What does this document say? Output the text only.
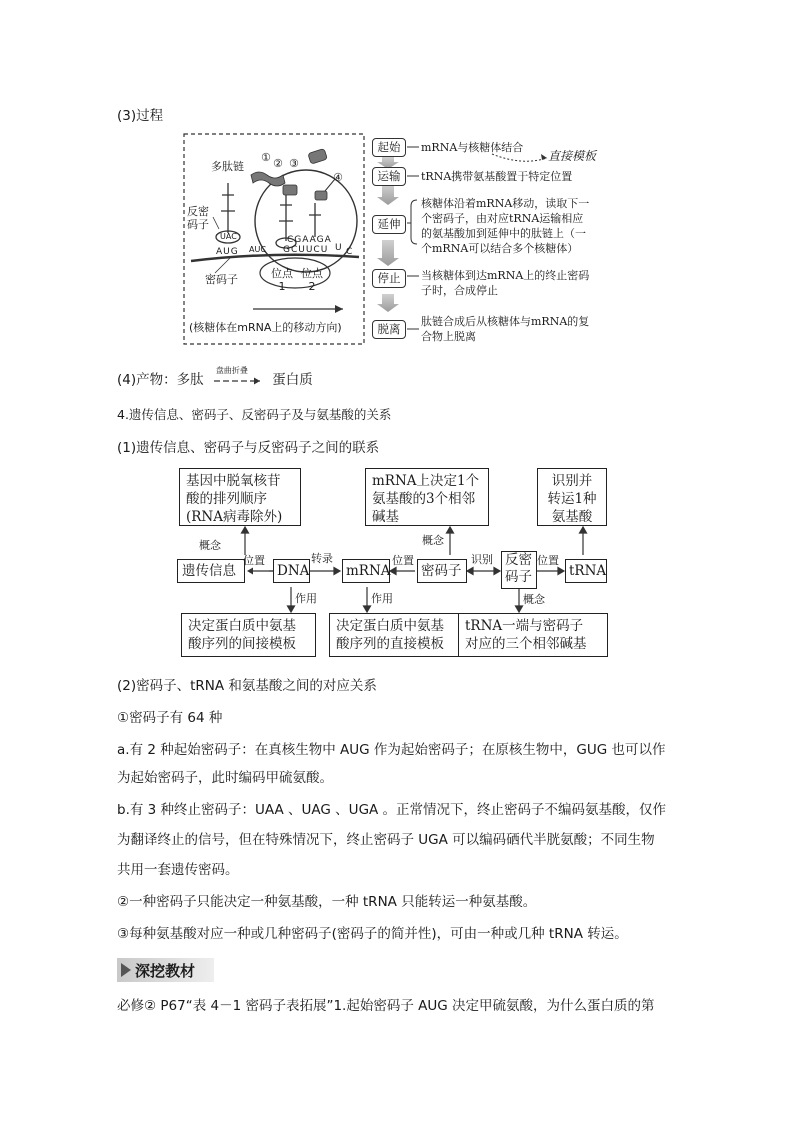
(3)过程
多肽链
① ② ③
④
反密
码子
UAC
AUC
CGAAGA
AUG	GCUUCU U C
密码子	位点
1
位点
2
(核糖体在mRNA上的移动方向)
起始	mRNA与核糖体结合
运输	tRNA携带氨基酸置于特定位置
延伸
核糖体沿着mRNA移动，读取下一
个密码子，由对应tRNA运输相应
的氨基酸加到延伸中的肽链上（一
个mRNA可以结合多个核糖体）
停止	当核糖体到达mRNA上的终止密码
子时，合成停止
脱离
肽链合成后从核糖体与mRNA的复
合物上脱离
直接模板
(4)产物：多肽
盘曲折叠
蛋白质
4.遗传信息、密码子、反密码子及与氨基酸的关系
(1)遗传信息、密码子与反密码子之间的联系
基因中脱氧核苷
酸的排列顺序
(RNA病毒除外)
mRNA上决定1个
氨基酸的3个相邻
碱基
识别并
转运1种
氨基酸
遗传信息	DNA	mRNA 密码子
反密
码子	tRNA
决定蛋白质中氨基
酸序列的间接模板
决定蛋白质中氨基
酸序列的直接模板
tRNA一端与密码子
对应的三个相邻碱基
概念
位置	转录	位置
概念
识别	位置
作用	作用	概念
(2)密码子、tRNA 和氨基酸之间的对应关系
①密码子有 64 种
a.有 2 种起始密码子：在真核生物中 AUG 作为起始密码子；在原核生物中，GUG 也可以作
为起始密码子，此时编码甲硫氨酸。
b.有 3 种终止密码子：UAA 、UAG 、UGA 。正常情况下，终止密码子不编码氨基酸，仅作
为翻译终止的信号，但在特殊情况下，终止密码子 UGA 可以编码硒代半胱氨酸；不同生物
共用一套遗传密码。
②一种密码子只能决定一种氨基酸，一种 tRNA 只能转运一种氨基酸。
③每种氨基酸对应一种或几种密码子(密码子的简并性)，可由一种或几种 tRNA 转运。
深挖教材
必修② P67“表 4－1 密码子表拓展”1.起始密码子 AUG 决定甲硫氨酸，为什么蛋白质的第
